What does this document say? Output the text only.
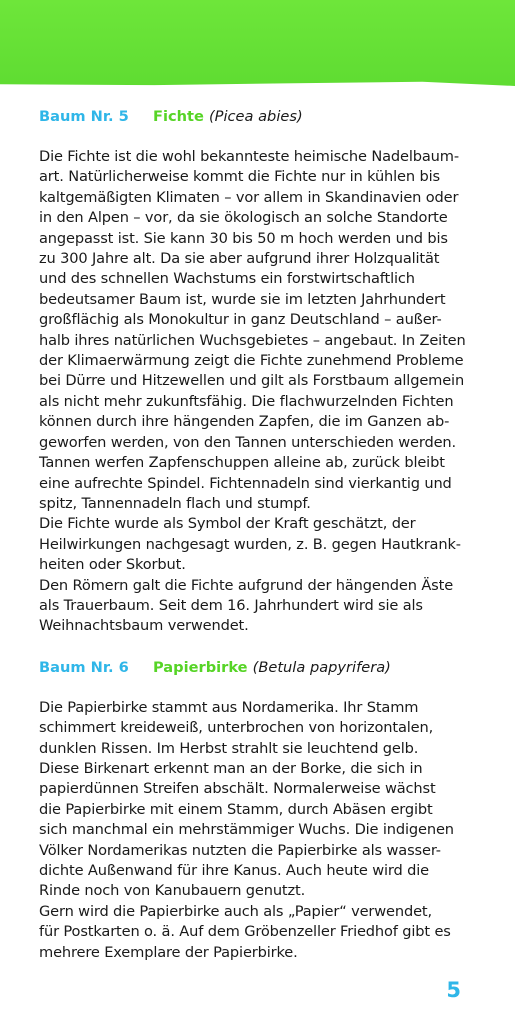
Baum Nr. 5 Fichte (Picea abies)

Die Fichte ist die wohl bekannteste heimische Nadelbaum-
art. Natürlicherweise kommt die Fichte nur in kühlen bis
kaltgemäßigten Klimaten – vor allem in Skandinavien oder
in den Alpen – vor, da sie ökologisch an solche Standorte
angepasst ist. Sie kann 30 bis 50 m hoch werden und bis
zu 300 Jahre alt. Da sie aber aufgrund ihrer Holzqualität
und des schnellen Wachstums ein forstwirtschaftlich
bedeutsamer Baum ist, wurde sie im letzten Jahrhundert
großflächig als Monokultur in ganz Deutschland – außer-
halb ihres natürlichen Wuchsgebietes – angebaut. In Zeiten
der Klimaerwärmung zeigt die Fichte zunehmend Probleme
bei Dürre und Hitzewellen und gilt als Forstbaum allgemein
als nicht mehr zukunftsfähig. Die flachwurzelnden Fichten
können durch ihre hängenden Zapfen, die im Ganzen ab-
geworfen werden, von den Tannen unterschieden werden.
Tannen werfen Zapfenschuppen alleine ab, zurück bleibt
eine aufrechte Spindel. Fichtennadeln sind vierkantig und
spitz, Tannennadeln flach und stumpf.
Die Fichte wurde als Symbol der Kraft geschätzt, der
Heilwirkungen nachgesagt wurden, z. B. gegen Hautkrank-
heiten oder Skorbut.
Den Römern galt die Fichte aufgrund der hängenden Äste
als Trauerbaum. Seit dem 16. Jahrhundert wird sie als
Weihnachtsbaum verwendet.

Baum Nr. 6 Papierbirke (Betula papyrifera)

Die Papierbirke stammt aus Nordamerika. Ihr Stamm
schimmert kreideweiß, unterbrochen von horizontalen,
dunklen Rissen. Im Herbst strahlt sie leuchtend gelb.
Diese Birkenart erkennt man an der Borke, die sich in
papierdünnen Streifen abschält. Normalerweise wächst
die Papierbirke mit einem Stamm, durch Abäsen ergibt
sich manchmal ein mehrstämmiger Wuchs. Die indigenen
Völker Nordamerikas nutzten die Papierbirke als wasser-
dichte Außenwand für ihre Kanus. Auch heute wird die
Rinde noch von Kanubauern genutzt.
Gern wird die Papierbirke auch als „Papier“ verwendet,
für Postkarten o. ä. Auf dem Gröbenzeller Friedhof gibt es
mehrere Exemplare der Papierbirke.

5
